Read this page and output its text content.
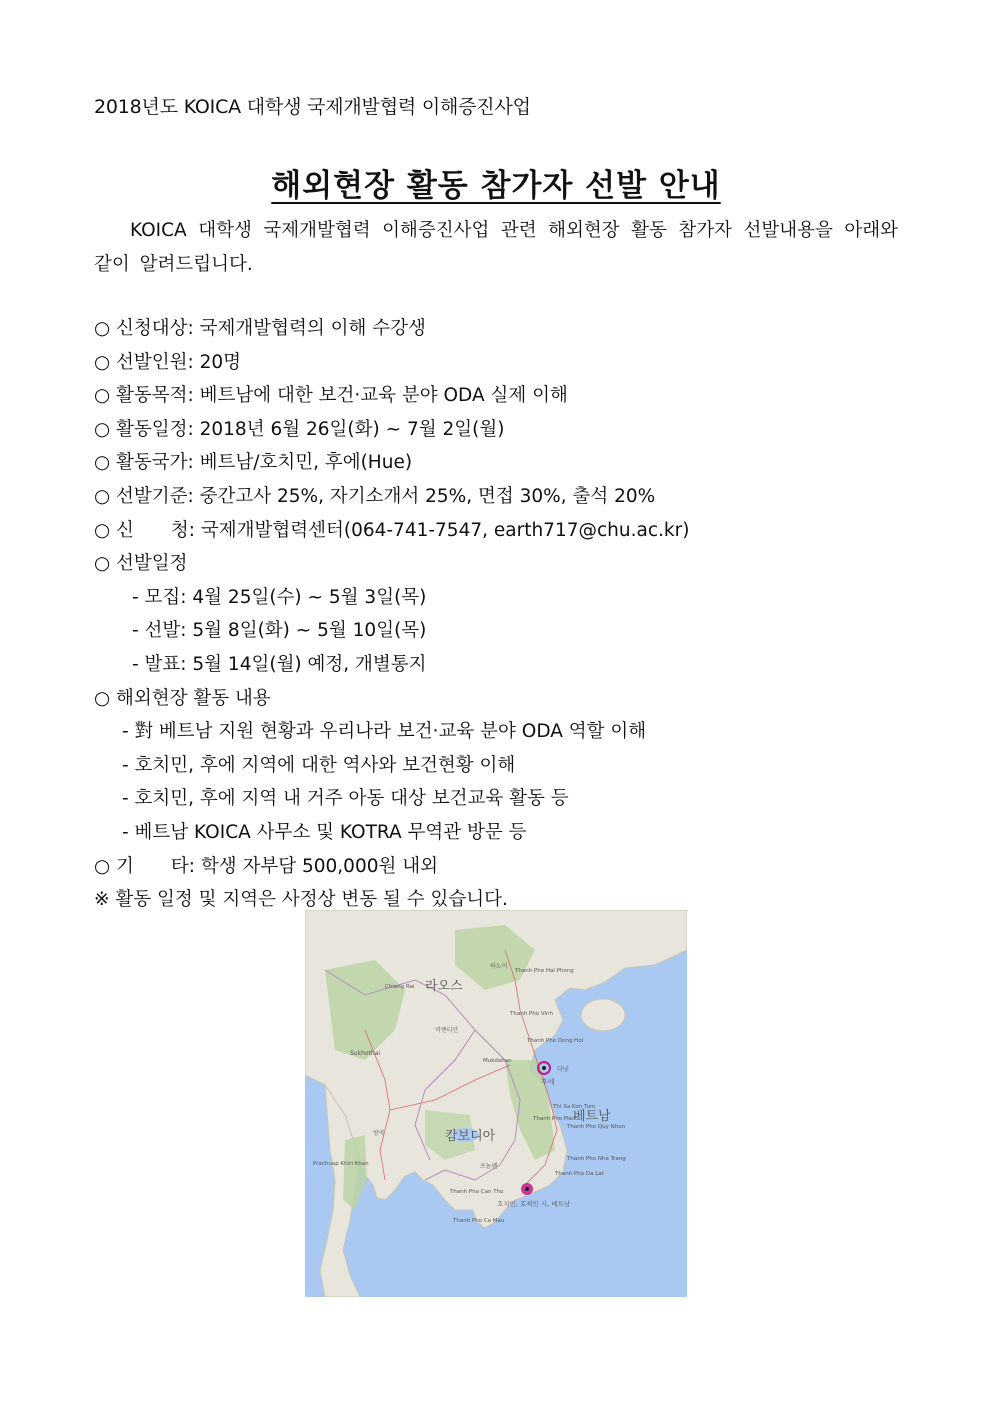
2018년도 KOICA 대학생 국제개발협력 이해증진사업
해외현장 활동 참가자 선발 안내
KOICA 대학생 국제개발협력 이해증진사업 관련 해외현장 활동 참가자 선발내용을 아래와 같이 알려드립니다.
○ 신청대상: 국제개발협력의 이해 수강생
○ 선발인원: 20명
○ 활동목적: 베트남에 대한 보건·교육 분야 ODA 실제 이해
○ 활동일정: 2018년 6월 26일(화) ~ 7월 2일(월)
○ 활동국가: 베트남/호치민, 후에(Hue)
○ 선발기준: 중간고사 25%, 자기소개서 25%, 면접 30%, 출석 20%
○ 신　　청: 국제개발협력센터(064-741-7547, earth717@chu.ac.kr)
○ 선발일정
- 모집: 4월 25일(수) ~ 5월 3일(목)
- 선발: 5월 8일(화) ~ 5월 10일(목)
- 발표: 5월 14일(월) 예정, 개별통지
○ 해외현장 활동 내용
- 對 베트남 지원 현황과 우리나라 보건·교육 분야 ODA 역할 이해
- 호치민, 후에 지역에 대한 역사와 보건현황 이해
- 호치민, 후에 지역 내 거주 아동 대상 보건교육 활동 등
- 베트남 KOICA 사무소 및 KOTRA 무역관 방문 등
○ 기　　타: 학생 자부담 500,000원 내외
※ 활동 일정 및 지역은 사정상 변동 될 수 있습니다.
라오스
베트남
캄보디아
후에
호치민, 호찌민 시, 베트남
하노이
Thanh Pho Hai Phong
다낭
Thanh Pho Vinh
Thanh Pho Dong Hoi
Sukhothai
방콕
프놈펜
비엔티안
Mukdahan
Thanh Pho Nha Trang
Thanh Pho Quy Nhon
Thanh Pho Can Tho
Thanh Pho Ca Mau
Thi Xa Kon Tum
Thanh Pho Pleiku
Thanh Pho Da Lat
Chiang Rai
Prachuap Khiri Khan
